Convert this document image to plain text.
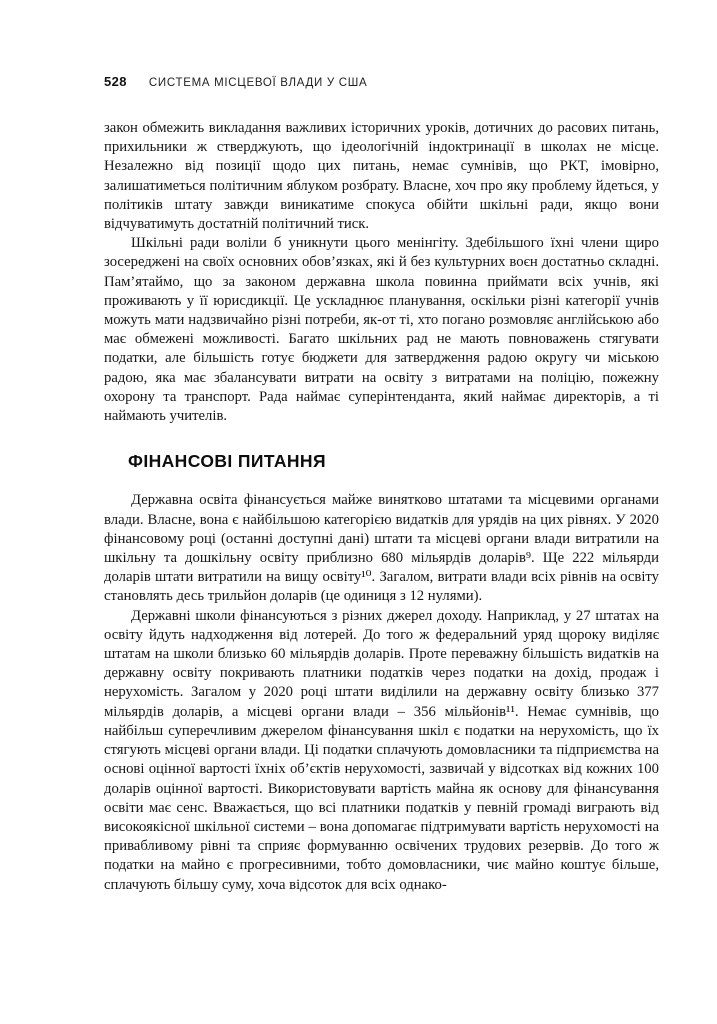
528 СИСТЕМА МІСЦЕВОЇ ВЛАДИ У США

закон обмежить викладання важливих історичних уроків, дотичних до расових питань, прихильники ж стверджують, що ідеологічній індоктринації в школах не місце. Незалежно від позиції щодо цих питань, немає сумнівів, що РКТ, імовірно, залишатиметься політичним яблуком розбрату. Власне, хоч про яку проблему йдеться, у політиків штату завжди виникатиме спокуса обійти шкільні ради, якщо вони відчуватимуть достатній політичний тиск.

Шкільні ради воліли б уникнути цього менінгіту. Здебільшого їхні члени щиро зосереджені на своїх основних обов’язках, які й без культурних воєн достатньо складні. Пам’ятаймо, що за законом державна школа повинна приймати всіх учнів, які проживають у її юрисдикції. Це ускладнює планування, оскільки різні категорії учнів можуть мати надзвичайно різні потреби, як-от ті, хто погано розмовляє англійською або має обмежені можливості. Багато шкільних рад не мають повноважень стягувати податки, але більшість готує бюджети для затвердження радою округу чи міською радою, яка має збалансувати витрати на освіту з витратами на поліцію, пожежну охорону та транспорт. Рада наймає суперінтенданта, який наймає директорів, а ті наймають учителів.

ФІНАНСОВІ ПИТАННЯ

Державна освіта фінансується майже винятково штатами та місцевими органами влади. Власне, вона є найбільшою категорією видатків для урядів на цих рівнях. У 2020 фінансовому році (останні доступні дані) штати та місцеві органи влади витратили на шкільну та дошкільну освіту приблизно 680 мільярдів доларів⁹. Ще 222 мільярди доларів штати витратили на вищу освіту¹⁰. Загалом, витрати влади всіх рівнів на освіту становлять десь трильйон доларів (це одиниця з 12 нулями).

Державні школи фінансуються з різних джерел доходу. Наприклад, у 27 штатах на освіту йдуть надходження від лотерей. До того ж федеральний уряд щороку виділяє штатам на школи близько 60 мільярдів доларів. Проте переважну більшість видатків на державну освіту покривають платники податків через податки на дохід, продаж і нерухомість. Загалом у 2020 році штати виділили на державну освіту близько 377 мільярдів доларів, а місцеві органи влади – 356 мільйонів¹¹. Немає сумнівів, що найбільш суперечливим джерелом фінансування шкіл є податки на нерухомість, що їх стягують місцеві органи влади. Ці податки сплачують домовласники та підприємства на основі оцінної вартості їхніх об’єктів нерухомості, зазвичай у відсотках від кожних 100 доларів оцінної вартості. Використовувати вартість майна як основу для фінансування освіти має сенс. Вважається, що всі платники податків у певній громаді виграють від високоякісної шкільної системи – вона допомагає підтримувати вартість нерухомості на привабливому рівні та сприяє формуванню освічених трудових резервів. До того ж податки на майно є прогресивними, тобто домовласники, чиє майно коштує більше, сплачують більшу суму, хоча відсоток для всіх однако-
